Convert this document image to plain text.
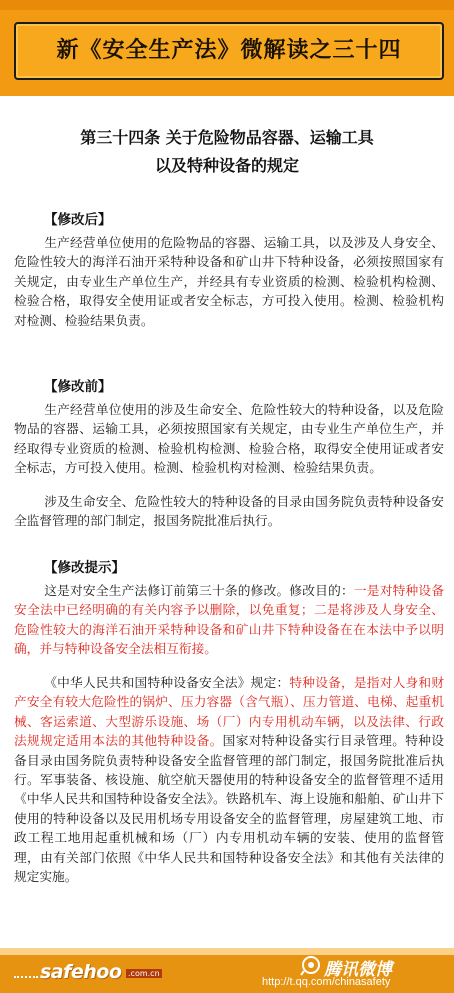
新《安全生产法》微解读之三十四
第三十四条 关于危险物品容器、运输工具
以及特种设备的规定
【修改后】

生产经营单位使用的危险物品的容器、运输工具，以及涉及人身安全、危险性较大的海洋石油开采特种设备和矿山井下特种设备，必须按照国家有关规定，由专业生产单位生产，并经具有专业资质的检测、检验机构检测、检验合格，取得安全使用证或者安全标志，方可投入使用。检测、检验机构对检测、检验结果负责。

【修改前】

生产经营单位使用的涉及生命安全、危险性较大的特种设备，以及危险物品的容器、运输工具，必须按照国家有关规定，由专业生产单位生产，并经取得专业资质的检测、检验机构检测、检验合格，取得安全使用证或者安全标志，方可投入使用。检测、检验机构对检测、检验结果负责。

涉及生命安全、危险性较大的特种设备的目录由国务院负责特种设备安全监督管理的部门制定，报国务院批准后执行。

【修改提示】

这是对安全生产法修订前第三十条的修改。修改目的：一是对特种设备安全法中已经明确的有关内容予以删除，以免重复；二是将涉及人身安全、危险性较大的海洋石油开采特种设备和矿山井下特种设备在在本法中予以明确，并与特种设备安全法相互衔接。

《中华人民共和国特种设备安全法》规定：特种设备，是指对人身和财产安全有较大危险性的锅炉、压力容器（含气瓶）、压力管道、电梯、起重机械、客运索道、大型游乐设施、场（厂）内专用机动车辆，以及法律、行政法规规定适用本法的其他特种设备。国家对特种设备实行目录管理。特种设备目录由国务院负责特种设备安全监督管理的部门制定，报国务院批准后执行。军事装备、核设施、航空航天器使用的特种设备安全的监督管理不适用《中华人民共和国特种设备安全法》。铁路机车、海上设施和船舶、矿山井下使用的特种设备以及民用机场专用设备安全的监督管理，房屋建筑工地、市政工程工地用起重机械和场（厂）内专用机动车辆的安装、使用的监督管理，由有关部门依照《中华人民共和国特种设备安全法》和其他有关法律的规定实施。

safehoo .com.cn	腾讯微博
http://t.qq.com/chinasafety
